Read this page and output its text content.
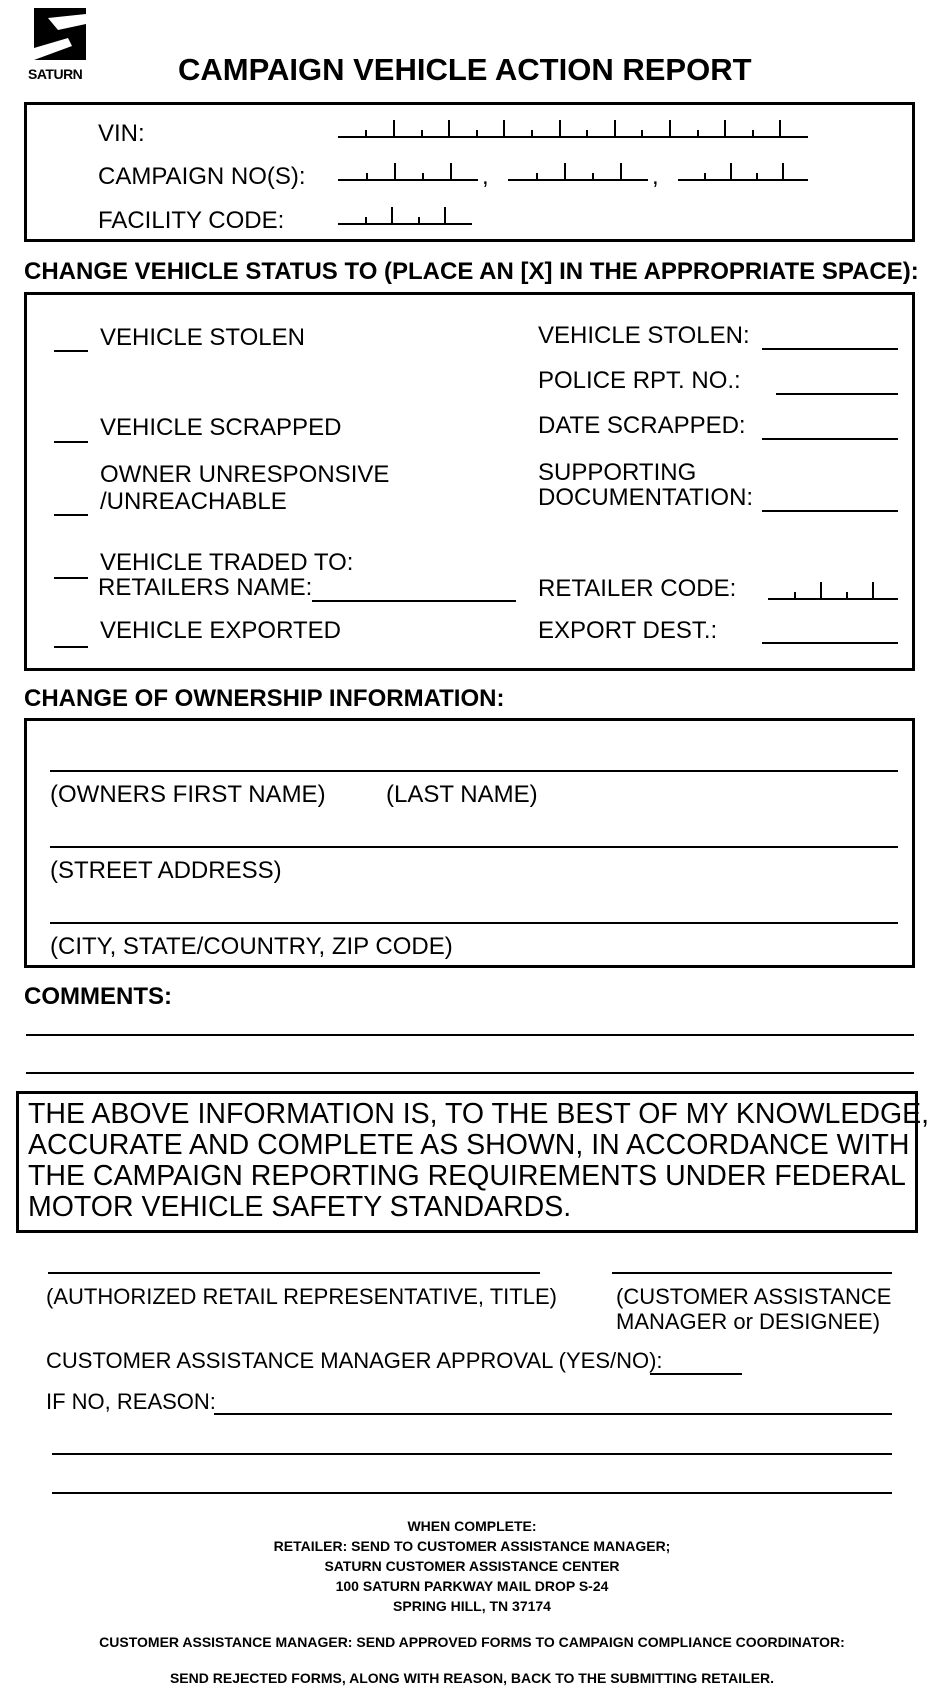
SATURN	CAMPAIGN VEHICLE ACTION REPORT
VIN:
CAMPAIGN NO(S):
FACILITY CODE:
,	,
CHANGE VEHICLE STATUS TO (PLACE AN [X] IN THE APPROPRIATE SPACE):
VEHICLE STOLEN
VEHICLE SCRAPPED
OWNER UNRESPONSIVE
/UNREACHABLE
VEHICLE TRADED TO:
RETAILERS NAME:
VEHICLE EXPORTED
VEHICLE STOLEN:
POLICE RPT. NO.:
DATE SCRAPPED:
SUPPORTING
DOCUMENTATION:
RETAILER CODE:
EXPORT DEST.:
CHANGE OF OWNERSHIP INFORMATION:
(OWNERS FIRST NAME)	(LAST NAME)
(STREET ADDRESS)
(CITY, STATE/COUNTRY, ZIP CODE)
COMMENTS:
THE ABOVE INFORMATION IS, TO THE BEST OF MY KNOWLEDGE,
ACCURATE AND COMPLETE AS SHOWN, IN ACCORDANCE WITH
THE CAMPAIGN REPORTING REQUIREMENTS UNDER FEDERAL
MOTOR VEHICLE SAFETY STANDARDS.
(AUTHORIZED RETAIL REPRESENTATIVE, TITLE)	(CUSTOMER ASSISTANCE
MANAGER or DESIGNEE)
CUSTOMER ASSISTANCE MANAGER APPROVAL (YES/NO):
IF NO, REASON:
WHEN COMPLETE:
RETAILER: SEND TO CUSTOMER ASSISTANCE MANAGER;
SATURN CUSTOMER ASSISTANCE CENTER
100 SATURN PARKWAY MAIL DROP S-24
SPRING HILL, TN 37174
CUSTOMER ASSISTANCE MANAGER: SEND APPROVED FORMS TO CAMPAIGN COMPLIANCE COORDINATOR:
SEND REJECTED FORMS, ALONG WITH REASON, BACK TO THE SUBMITTING RETAILER.
